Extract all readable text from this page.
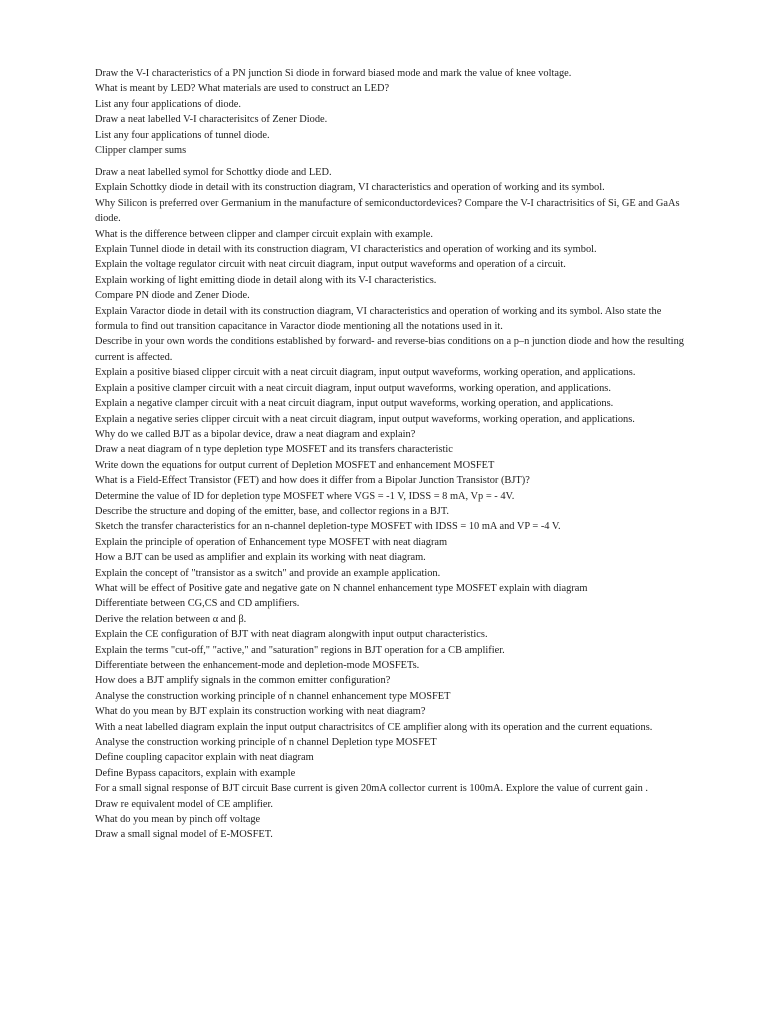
Draw the V-I characteristics of a PN junction Si diode in forward biased mode and mark the value of knee voltage.

What is meant by LED? What materials are used to construct an LED?

List any four applications of diode.

Draw a neat labelled V-I characterisitcs of Zener Diode.

List any four applications of tunnel diode.

Clipper clamper sums

Draw a neat labelled symol for Schottky diode and LED.

Explain Schottky diode in detail with its construction diagram, VI characteristics and operation of working and its symbol.

Why Silicon is preferred over Germanium in the manufacture of semiconductordevices? Compare the V-I charactrisitics of Si, GE and GaAs diode.

What is the difference between clipper and clamper circuit explain with example.

Explain Tunnel diode in detail with its construction diagram, VI characteristics and operation of working and its symbol.

Explain the voltage regulator circuit with neat circuit diagram, input output waveforms and operation of a circuit.

Explain working of light emitting diode in detail along with its V-I characteristics.

Compare PN diode and Zener Diode.

Explain Varactor diode in detail with its construction diagram, VI characteristics and operation of working and its symbol. Also state the formula to find out transition capacitance in Varactor diode mentioning all the notations used in it.

Describe in your own words the conditions established by forward- and reverse-bias conditions on a p–n junction diode and how the resulting current is affected.

Explain a positive biased clipper circuit with a neat circuit diagram, input output waveforms, working operation, and applications.

Explain a positive clamper circuit with a neat circuit diagram, input output waveforms, working operation, and applications.

Explain a negative clamper circuit with a neat circuit diagram, input output waveforms, working operation, and applications.

Explain a negative series clipper circuit with a neat circuit diagram, input output waveforms, working operation, and applications.

Why do we called BJT as a bipolar device, draw a neat diagram and explain?

Draw a neat diagram of n type depletion type MOSFET and its transfers characteristic

Write down the equations for output current of Depletion MOSFET and enhancement MOSFET

What is a Field-Effect Transistor (FET) and how does it differ from a Bipolar Junction Transistor (BJT)?

Determine the value of ID for depletion type MOSFET where VGS = -1 V, IDSS = 8 mA, Vp = - 4V.

Describe the structure and doping of the emitter, base, and collector regions in a BJT.

Sketch the transfer characteristics for an n-channel depletion-type MOSFET with IDSS = 10 mA and VP = -4 V.

Explain the principle of operation of Enhancement type MOSFET with neat diagram

How a BJT can be used as amplifier and explain its working with neat diagram.

Explain the concept of "transistor as a switch" and provide an example application.

What will be effect of Positive gate and negative gate on N channel enhancement type MOSFET explain with diagram

Differentiate between CG,CS and CD amplifiers.

Derive the relation between α and β.

Explain the CE configuration of BJT with neat diagram alongwith input output characteristics.

Explain the terms "cut-off," "active," and "saturation" regions in BJT operation for a CB amplifier.

Differentiate between the enhancement-mode and depletion-mode MOSFETs.

How does a BJT amplify signals in the common emitter configuration?

Analyse the construction working principle of n channel enhancement type MOSFET

What do you mean by BJT explain its construction working with neat diagram?

With a neat labelled diagram explain the input output charactrisitcs of CE amplifier along with its operation and the current equations.

Analyse the construction working principle of n channel Depletion type MOSFET

Define coupling capacitor explain with neat diagram

Define Bypass capacitors, explain with example

For a small signal response of BJT circuit Base current is given 20mA collector current is 100mA. Explore the value of current gain .

Draw re equivalent model of CE amplifier.

What do you mean by pinch off voltage

Draw a small signal model of E-MOSFET.
